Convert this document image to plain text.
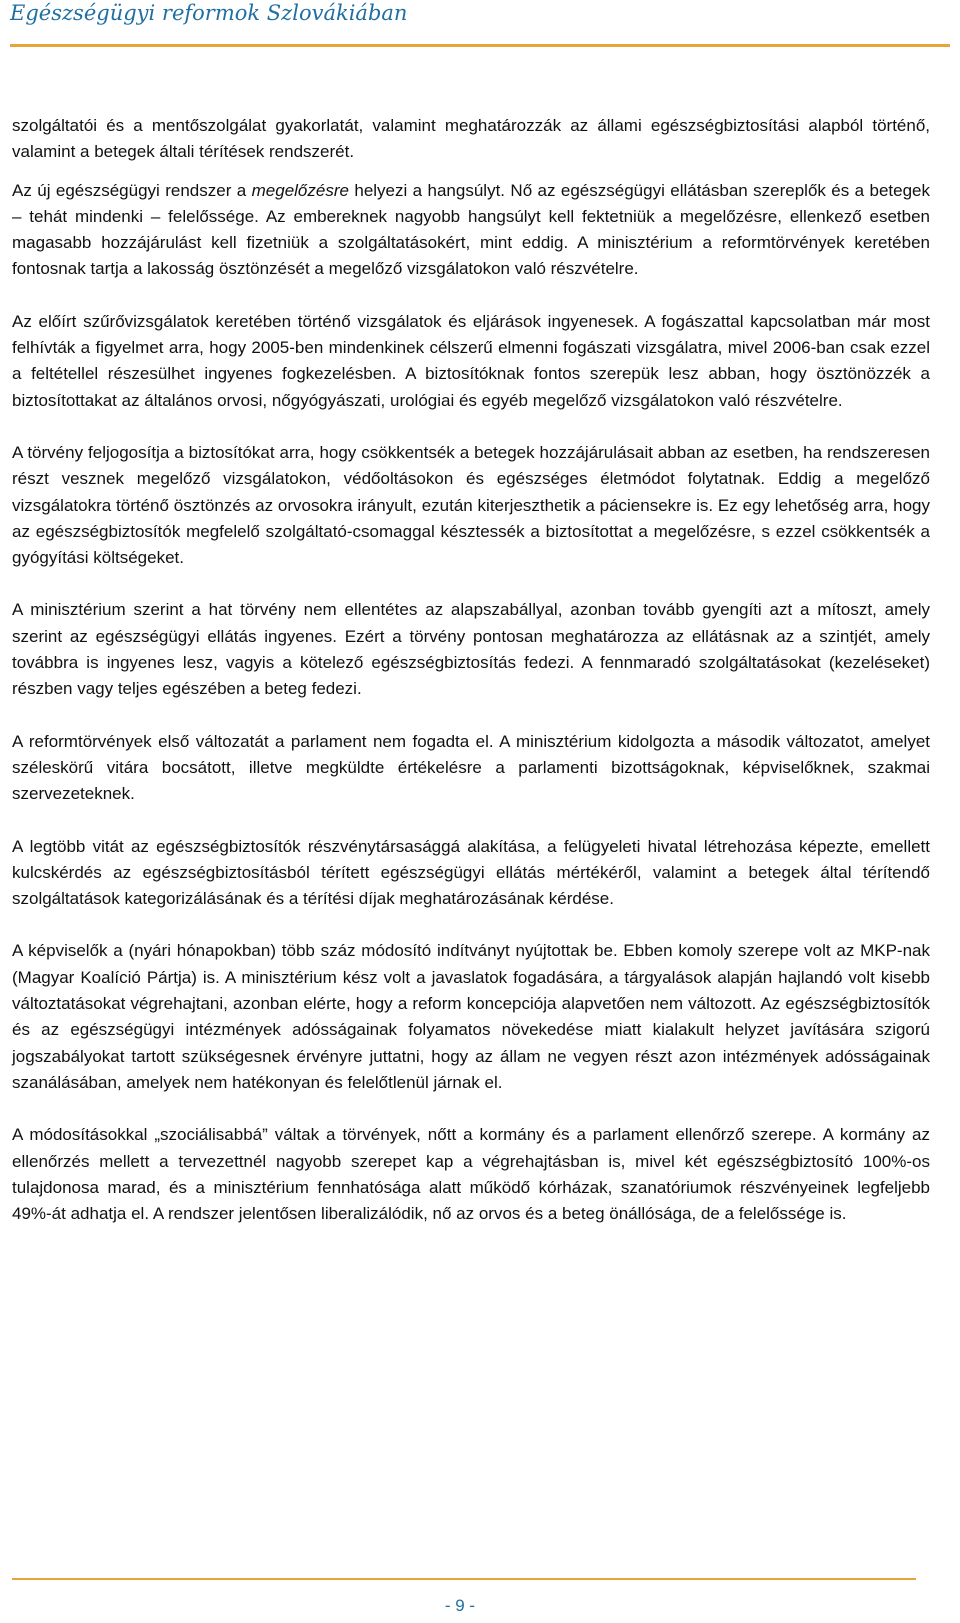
Egészségügyi reformok Szlovákiában

szolgáltatói és a mentőszolgálat gyakorlatát, valamint meghatározzák az állami egészségbiztosítási alapból történő, valamint a betegek általi térítések rendszerét.

Az új egészségügyi rendszer a megelőzésre helyezi a hangsúlyt. Nő az egészségügyi ellátásban szereplők és a betegek – tehát mindenki – felelőssége. Az embereknek nagyobb hangsúlyt kell fektetniük a megelőzésre, ellenkező esetben magasabb hozzájárulást kell fizetniük a szolgáltatásokért, mint eddig. A minisztérium a reformtörvények keretében fontosnak tartja a lakosság ösztönzését a megelőző vizsgálatokon való részvételre.

Az előírt szűrővizsgálatok keretében történő vizsgálatok és eljárások ingyenesek. A fogászattal kapcsolatban már most felhívták a figyelmet arra, hogy 2005-ben mindenkinek célszerű elmenni fogászati vizsgálatra, mivel 2006-ban csak ezzel a feltétellel részesülhet ingyenes fogkezelésben. A biztosítóknak fontos szerepük lesz abban, hogy ösztönözzék a biztosítottakat az általános orvosi, nőgyógyászati, urológiai és egyéb megelőző vizsgálatokon való részvételre.

A törvény feljogosítja a biztosítókat arra, hogy csökkentsék a betegek hozzájárulásait abban az esetben, ha rendszeresen részt vesznek megelőző vizsgálatokon, védőoltásokon és egészséges életmódot folytatnak. Eddig a megelőző vizsgálatokra történő ösztönzés az orvosokra irányult, ezután kiterjeszthetik a páciensekre is. Ez egy lehetőség arra, hogy az egészségbiztosítók megfelelő szolgáltató-csomaggal késztessék a biztosítottat a megelőzésre, s ezzel csökkentsék a gyógyítási költségeket.

A minisztérium szerint a hat törvény nem ellentétes az alapszabállyal, azonban tovább gyengíti azt a mítoszt, amely szerint az egészségügyi ellátás ingyenes. Ezért a törvény pontosan meghatározza az ellátásnak az a szintjét, amely továbbra is ingyenes lesz, vagyis a kötelező egészségbiztosítás fedezi. A fennmaradó szolgáltatásokat (kezeléseket) részben vagy teljes egészében a beteg fedezi.

A reformtörvények első változatát a parlament nem fogadta el. A minisztérium kidolgozta a második változatot, amelyet széleskörű vitára bocsátott, illetve megküldte értékelésre a parlamenti bizottságoknak, képviselőknek, szakmai szervezeteknek.

A legtöbb vitát az egészségbiztosítók részvénytársasággá alakítása, a felügyeleti hivatal létrehozása képezte, emellett kulcskérdés az egészségbiztosításból térített egészségügyi ellátás mértékéről, valamint a betegek által térítendő szolgáltatások kategorizálásának és a térítési díjak meghatározásának kérdése.

A képviselők a (nyári hónapokban) több száz módosító indítványt nyújtottak be. Ebben komoly szerepe volt az MKP-nak (Magyar Koalíció Pártja) is. A minisztérium kész volt a javaslatok fogadására, a tárgyalások alapján hajlandó volt kisebb változtatásokat végrehajtani, azonban elérte, hogy a reform koncepciója alapvetően nem változott. Az egészségbiztosítók és az egészségügyi intézmények adósságainak folyamatos növekedése miatt kialakult helyzet javítására szigorú jogszabályokat tartott szükségesnek érvényre juttatni, hogy az állam ne vegyen részt azon intézmények adósságainak szanálásában, amelyek nem hatékonyan és felelőtlenül járnak el.

A módosításokkal „szociálisabbá” váltak a törvények, nőtt a kormány és a parlament ellenőrző szerepe. A kormány az ellenőrzés mellett a tervezettnél nagyobb szerepet kap a végrehajtásban is, mivel két egészségbiztosító 100%-os tulajdonosa marad, és a minisztérium fennhatósága alatt működő kórházak, szanatóriumok részvényeinek legfeljebb 49%-át adhatja el. A rendszer jelentősen liberalizálódik, nő az orvos és a beteg önállósága, de a felelőssége is.

- 9 -
